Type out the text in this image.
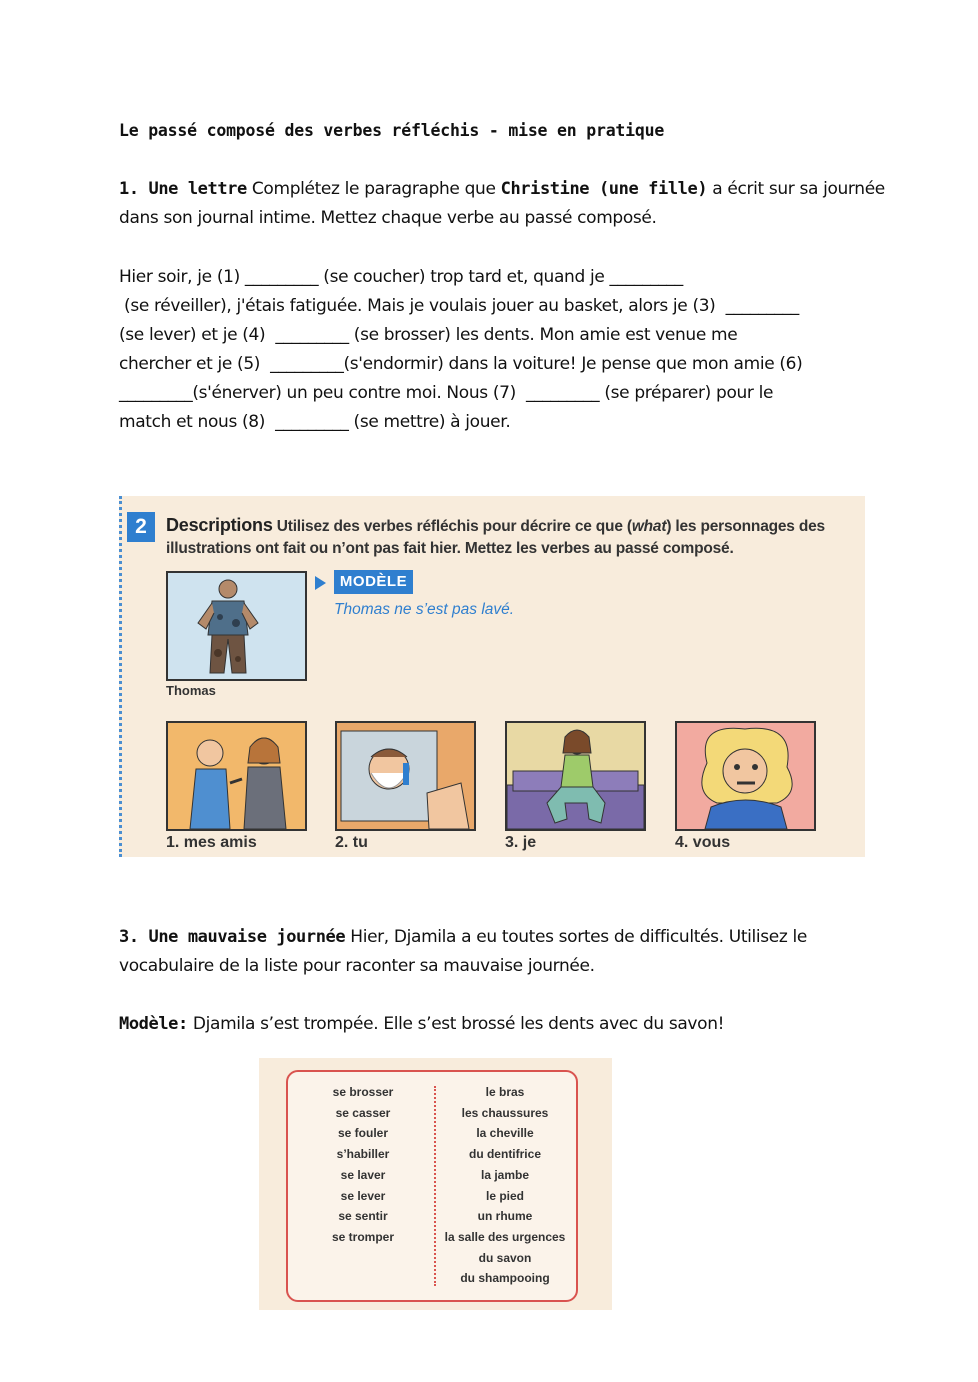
Le passé composé des verbes réfléchis - mise en pratique
1. Une lettre Complétez le paragraphe que Christine (une fille) a écrit sur sa journée
dans son journal intime. Mettez chaque verbe au passé composé.
Hier soir, je (1) _________ (se coucher) trop tard et, quand je _________
(se réveiller), j'étais fatiguée. Mais je voulais jouer au basket, alors je (3)  _________
(se lever) et je (4)  _________ (se brosser) les dents. Mon amie est venue me
chercher et je (5)  _________(s'endormir) dans la voiture! Je pense que mon amie (6)
_________(s'énerver) un peu contre moi. Nous (7)  _________ (se préparer) pour le
match et nous (8)  _________ (se mettre) à jouer.
2	Descriptions Utilisez des verbes réfléchis pour décrire ce que (what) les personnages des
illustrations ont fait ou n’ont pas fait hier. Mettez les verbes au passé composé.
Thomas
MODÈLE
Thomas ne s’est pas lavé.
1. mes amis	2. tu	3. je	4. vous
3. Une mauvaise journée Hier, Djamila a eu toutes sortes de difficultés. Utilisez le
vocabulaire de la liste pour raconter sa mauvaise journée.
Modèle: Djamila s’est trompée. Elle s’est brossé les dents avec du savon!
se brosser
se casser
se fouler
s’habiller
se laver
se lever
se sentir
se tromper
le bras
les chaussures
la cheville
du dentifrice
la jambe
le pied
un rhume
la salle des urgences
du savon
du shampooing
